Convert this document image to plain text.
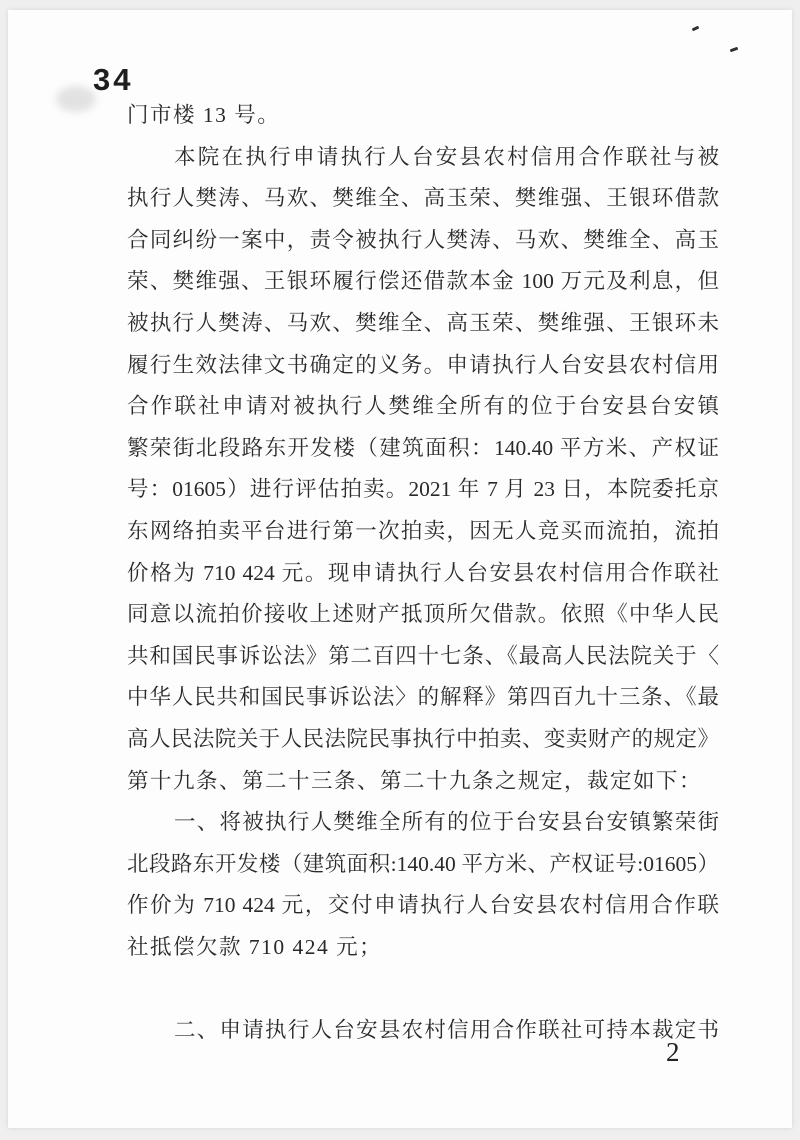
34
门市楼 13 号。
本院在执行申请执行人台安县农村信用合作联社与被
执行人樊涛、马欢、樊维全、高玉荣、樊维强、王银环借款
合同纠纷一案中，责令被执行人樊涛、马欢、樊维全、高玉
荣、樊维强、王银环履行偿还借款本金 100 万元及利息，但
被执行人樊涛、马欢、樊维全、高玉荣、樊维强、王银环未
履行生效法律文书确定的义务。申请执行人台安县农村信用
合作联社申请对被执行人樊维全所有的位于台安县台安镇
繁荣街北段路东开发楼（建筑面积：140.40 平方米、产权证
号：01605）进行评估拍卖。2021 年 7 月 23 日，本院委托京
东网络拍卖平台进行第一次拍卖，因无人竞买而流拍，流拍
价格为 710 424 元。现申请执行人台安县农村信用合作联社
同意以流拍价接收上述财产抵顶所欠借款。依照《中华人民
共和国民事诉讼法》第二百四十七条、《最高人民法院关于〈
中华人民共和国民事诉讼法〉的解释》第四百九十三条、《最
高人民法院关于人民法院民事执行中拍卖、变卖财产的规定》
第十九条、第二十三条、第二十九条之规定，裁定如下：
一、将被执行人樊维全所有的位于台安县台安镇繁荣街
北段路东开发楼（建筑面积:140.40 平方米、产权证号:01605）
作价为 710 424 元，交付申请执行人台安县农村信用合作联
社抵偿欠款 710 424 元；
二、申请执行人台安县农村信用合作联社可持本裁定书
2
